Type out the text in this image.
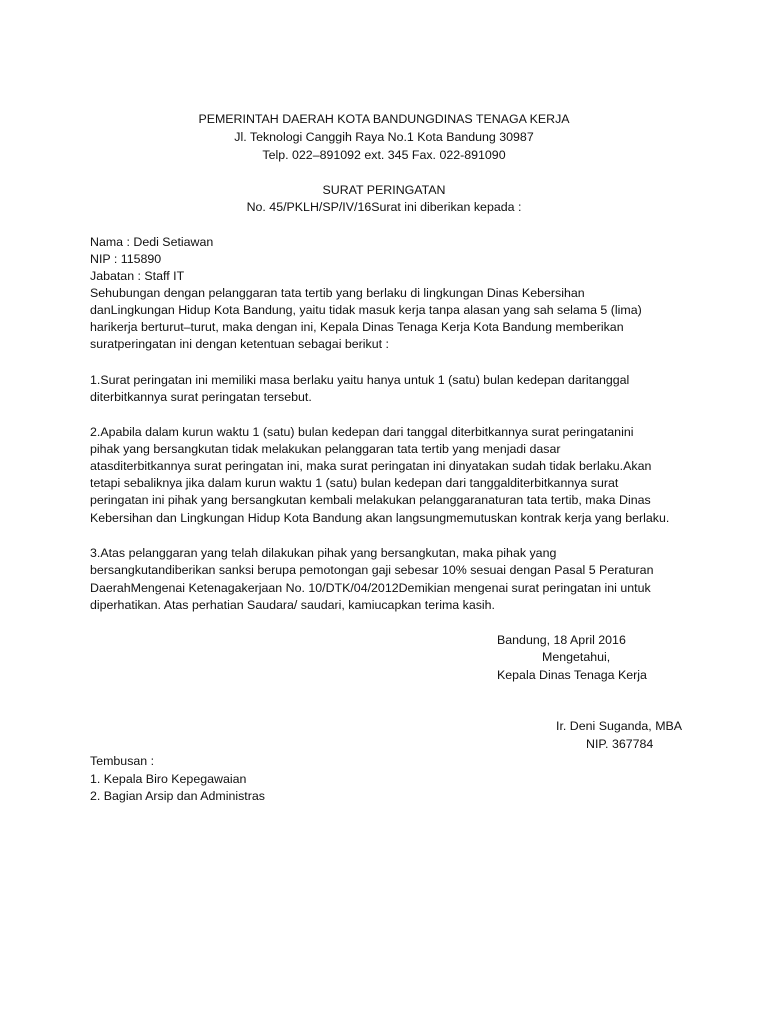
PEMERINTAH DAERAH KOTA BANDUNGDINAS TENAGA KERJA
Jl. Teknologi Canggih Raya No.1 Kota Bandung 30987
Telp. 022–891092 ext. 345 Fax. 022-891090
SURAT PERINGATAN
No. 45/PKLH/SP/IV/16Surat ini diberikan kepada :
Nama : Dedi Setiawan
NIP : 115890
Jabatan : Staff IT
Sehubungan dengan pelanggaran tata tertib yang berlaku di lingkungan Dinas Kebersihan
danLingkungan Hidup Kota Bandung, yaitu tidak masuk kerja tanpa alasan yang sah selama 5 (lima)
harikerja berturut–turut, maka dengan ini, Kepala Dinas Tenaga Kerja Kota Bandung memberikan
suratperingatan ini dengan ketentuan sebagai berikut :
1.Surat peringatan ini memiliki masa berlaku yaitu hanya untuk 1 (satu) bulan kedepan daritanggal
diterbitkannya surat peringatan tersebut.
2.Apabila dalam kurun waktu 1 (satu) bulan kedepan dari tanggal diterbitkannya surat peringatanini
pihak yang bersangkutan tidak melakukan pelanggaran tata tertib yang menjadi dasar
atasditerbitkannya surat peringatan ini, maka surat peringatan ini dinyatakan sudah tidak berlaku.Akan
tetapi sebaliknya jika dalam kurun waktu 1 (satu) bulan kedepan dari tanggalditerbitkannya surat
peringatan ini pihak yang bersangkutan kembali melakukan pelanggaranaturan tata tertib, maka Dinas
Kebersihan dan Lingkungan Hidup Kota Bandung akan langsungmemutuskan kontrak kerja yang berlaku.
3.Atas pelanggaran yang telah dilakukan pihak yang bersangkutan, maka pihak yang
bersangkutandiberikan sanksi berupa pemotongan gaji sebesar 10% sesuai dengan Pasal 5 Peraturan
DaerahMengenai Ketenagakerjaan No. 10/DTK/04/2012Demikian mengenai surat peringatan ini untuk
diperhatikan. Atas perhatian Saudara/ saudari, kamiucapkan terima kasih.
Bandung, 18 April 2016
Mengetahui,
Kepala Dinas Tenaga Kerja
Ir. Deni Suganda, MBA
NIP. 367784
Tembusan :
1. Kepala Biro Kepegawaian
2. Bagian Arsip dan Administras
